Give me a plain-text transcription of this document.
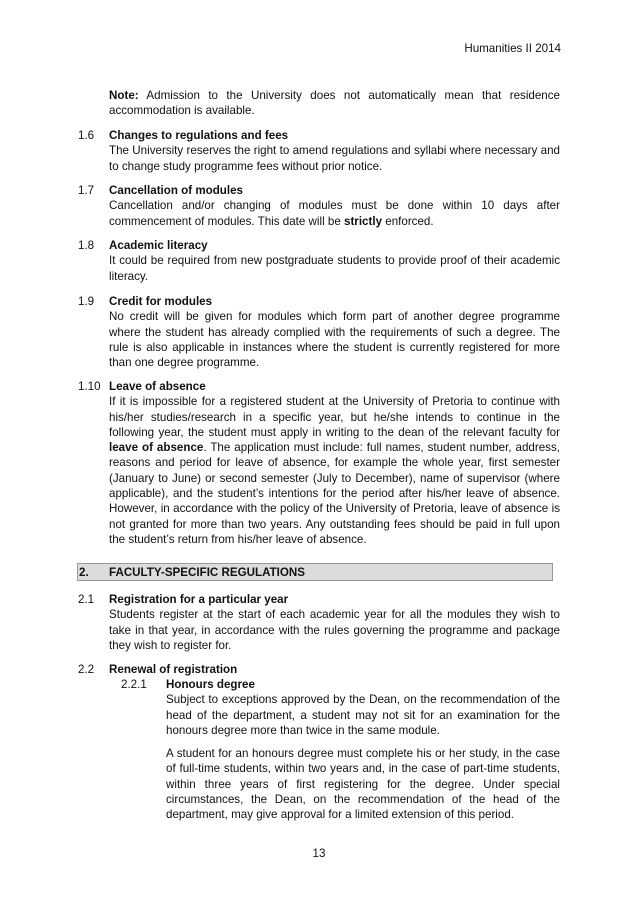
Humanities II 2014
Note: Admission to the University does not automatically mean that residence accommodation is available.
1.6 Changes to regulations and fees
The University reserves the right to amend regulations and syllabi where necessary and to change study programme fees without prior notice.
1.7 Cancellation of modules
Cancellation and/or changing of modules must be done within 10 days after commencement of modules. This date will be strictly enforced.
1.8 Academic literacy
It could be required from new postgraduate students to provide proof of their academic literacy.
1.9 Credit for modules
No credit will be given for modules which form part of another degree programme where the student has already complied with the requirements of such a degree. The rule is also applicable in instances where the student is currently registered for more than one degree programme.
1.10 Leave of absence
If it is impossible for a registered student at the University of Pretoria to continue with his/her studies/research in a specific year, but he/she intends to continue in the following year, the student must apply in writing to the dean of the relevant faculty for leave of absence. The application must include: full names, student number, address, reasons and period for leave of absence, for example the whole year, first semester (January to June) or second semester (July to December), name of supervisor (where applicable), and the student’s intentions for the period after his/her leave of absence. However, in accordance with the policy of the University of Pretoria, leave of absence is not granted for more than two years. Any outstanding fees should be paid in full upon the student’s return from his/her leave of absence.
2. FACULTY-SPECIFIC REGULATIONS
2.1 Registration for a particular year
Students register at the start of each academic year for all the modules they wish to take in that year, in accordance with the rules governing the programme and package they wish to register for.
2.2 Renewal of registration
2.2.1 Honours degree
Subject to exceptions approved by the Dean, on the recommendation of the head of the department, a student may not sit for an examination for the honours degree more than twice in the same module.
A student for an honours degree must complete his or her study, in the case of full-time students, within two years and, in the case of part-time students, within three years of first registering for the degree. Under special circumstances, the Dean, on the recommendation of the head of the department, may give approval for a limited extension of this period.
13
